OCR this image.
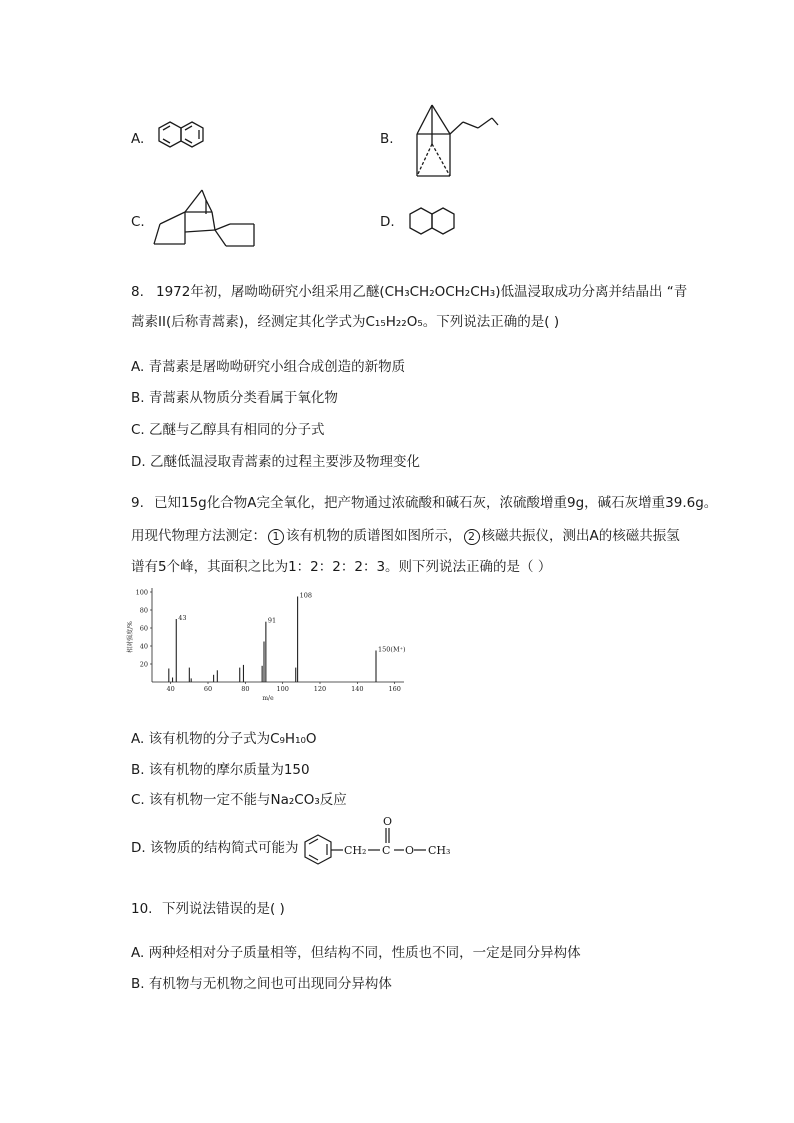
A.	B.
C.	D.
8. 1972年初，屠呦呦研究小组采用乙醚(CH₃CH₂OCH₂CH₃)低温浸取成功分离并结晶出 “青
蒿素II(后称青蒿素)，经测定其化学式为C₁₅H₂₂O₅。下列说法正确的是( )
A. 青蒿素是屠呦呦研究小组合成创造的新物质
B. 青蒿素从物质分类看属于氧化物
C. 乙醚与乙醇具有相同的分子式
D. 乙醚低温浸取青蒿素的过程主要涉及物理变化
9. 已知15g化合物A完全氧化，把产物通过浓硫酸和碱石灰，浓硫酸增重9g，碱石灰增重39.6g。
用现代物理方法测定： 1 该有机物的质谱图如图所示， 2 核磁共振仪，测出A的核磁共振氢
谱有5个峰，其面积之比为1：2：2：2：3。则下列说法正确的是（ ）
20
40
60
80
100
40	60	80	100	120	140	160
m/e
相对强度/%
43	91
108
150(M⁺)
A. 该有机物的分子式为C₉H₁₀O
B. 该有机物的摩尔质量为150
C. 该有机物一定不能与Na₂CO₃反应
D. 该物质的结构简式可能为	CH₂ C
O
O CH₃
10. 下列说法错误的是( )
A. 两种烃相对分子质量相等，但结构不同，性质也不同，一定是同分异构体
B. 有机物与无机物之间也可出现同分异构体
